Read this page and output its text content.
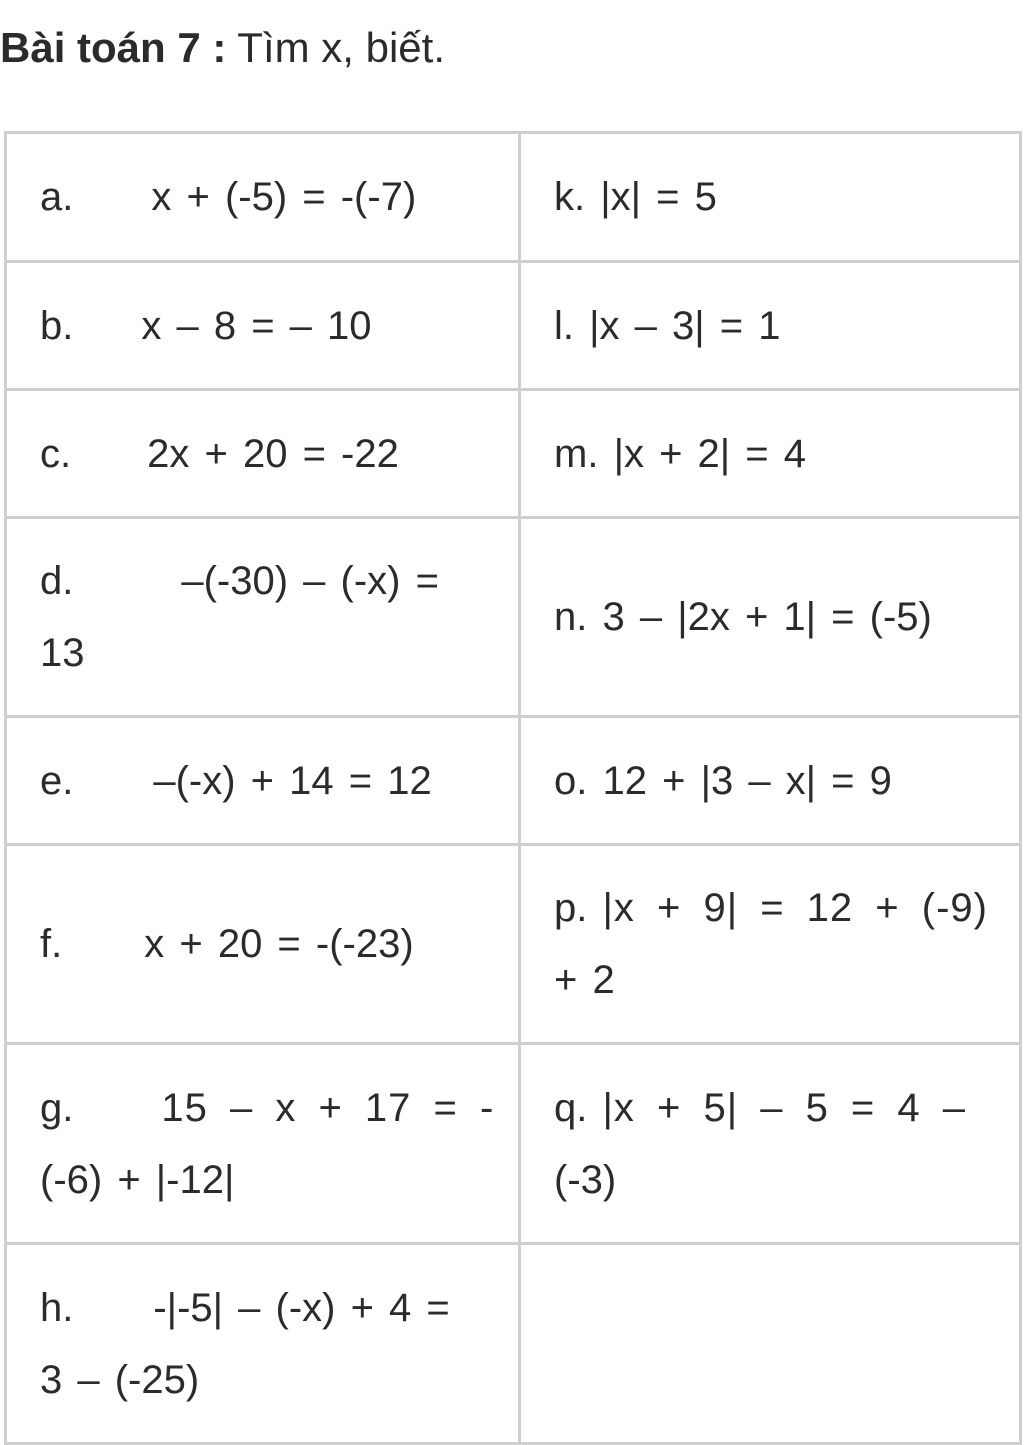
Bài toán 7 : Tìm x, biết.
a. x + (-5) = -(-7)	k. |x| = 5
b. x – 8 = – 10	l. |x – 3| = 1
c. 2x + 20 = -22	m. |x + 2| = 4
d. –(-30) – (-x) =
13	n. 3 – |2x + 1| = (-5)
e. –(-x) + 14 = 12	o. 12 + |3 – x| = 9
f. x + 20 = -(-23)	p. |x + 9| = 12 + (-9)
+ 2
g. 15 – x + 17 = -
(-6) + |-12|	q. |x + 5| – 5 = 4 –
(-3)
h. -|-5| – (-x) + 4 =
3 – (-25)	
